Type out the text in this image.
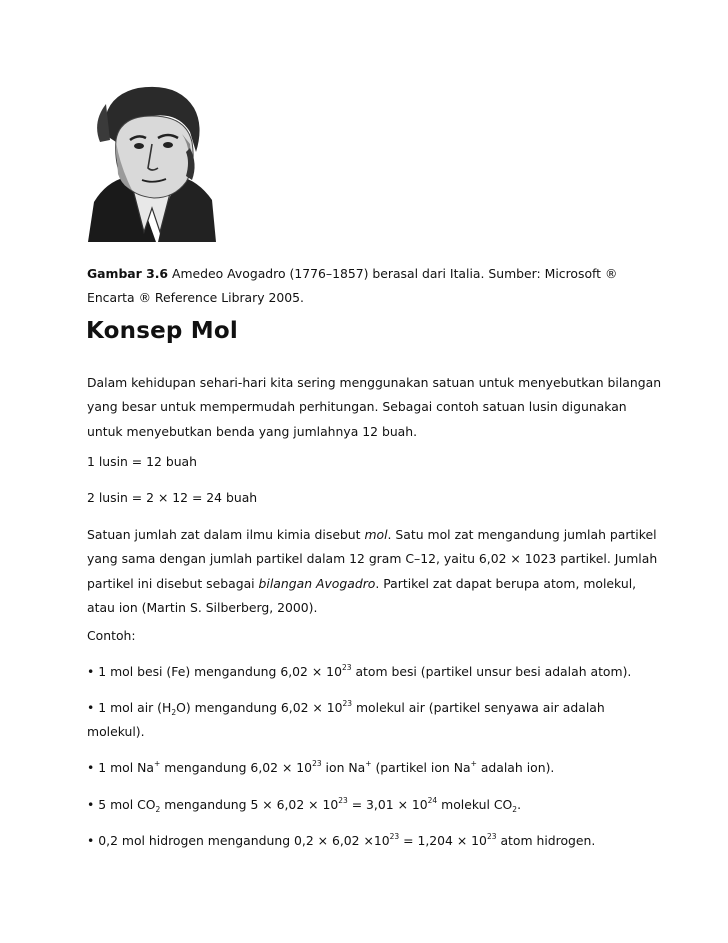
Gambar 3.6 Amedeo Avogadro (1776–1857) berasal dari Italia. Sumber: Microsoft ®
Encarta ® Reference Library 2005.
Konsep Mol

Dalam kehidupan sehari-hari kita sering menggunakan satuan untuk menyebutkan bilangan
yang besar untuk mempermudah perhitungan. Sebagai contoh satuan lusin digunakan
untuk menyebutkan benda yang jumlahnya 12 buah.

1 lusin = 12 buah

2 lusin = 2 × 12 = 24 buah

Satuan jumlah zat dalam ilmu kimia disebut mol. Satu mol zat mengandung jumlah partikel
yang sama dengan jumlah partikel dalam 12 gram C–12, yaitu 6,02 × 1023 partikel. Jumlah
partikel ini disebut sebagai bilangan Avogadro. Partikel zat dapat berupa atom, molekul,
atau ion (Martin S. Silberberg, 2000).

Contoh:

• 1 mol besi (Fe) mengandung $6,02 \times 10^{23}$ atom besi (partikel unsur besi adalah atom).

• 1 mol air $(H_2O)$ mengandung $6,02 \times 10^{23}$ molekul air (partikel senyawa air adalah
molekul).

• 1 mol Na+ mengandung $6,02 \times 10^{23}$ ion Na+ (partikel ion Na+ adalah ion).

• 5 mol $CO_2$ mengandung $5 \times 6,02 \times 10^{23} = 3,01 \times 10^{24}$ molekul $CO_2$.

• 0,2 mol hidrogen mengandung $0,2 \times 6,02 \times 10^{23} = 1,204 \times 10^{23}$ atom hidrogen.
